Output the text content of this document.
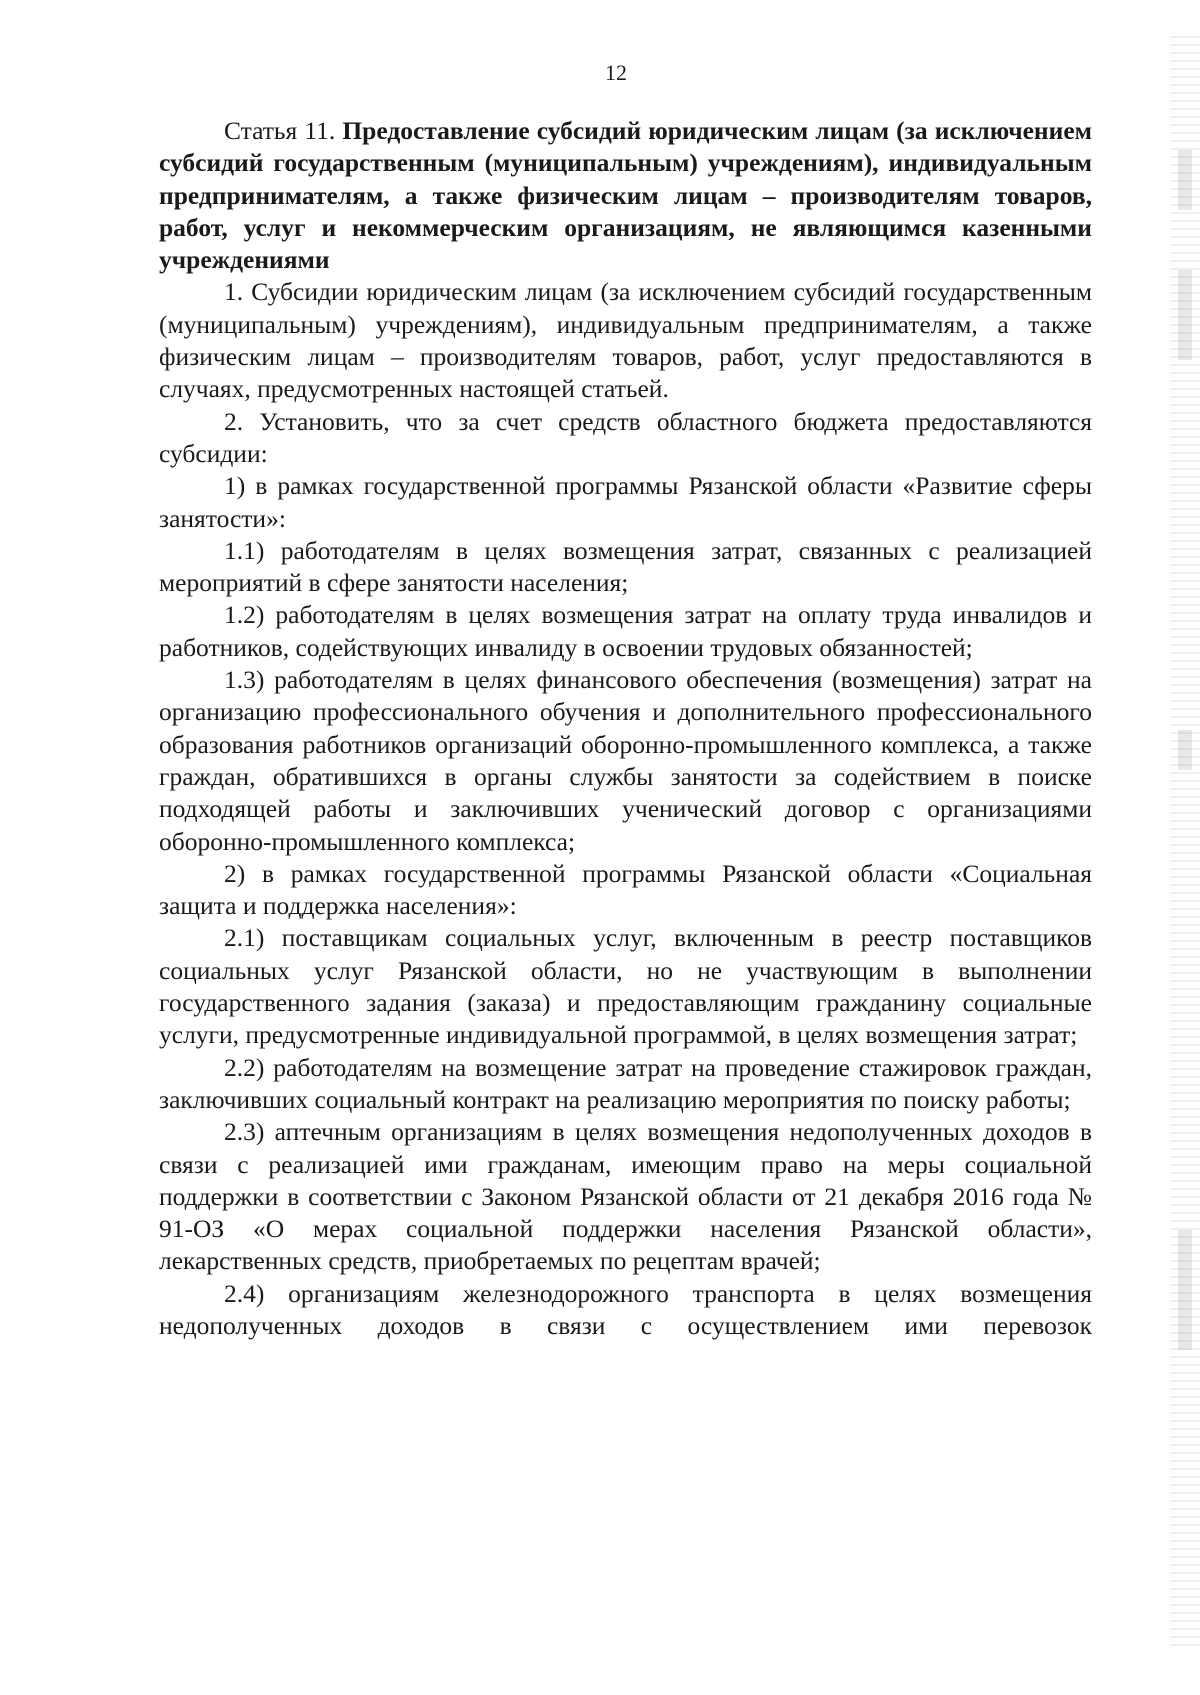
12

Статья 11. Предоставление субсидий юридическим лицам (за исключением субсидий государственным (муниципальным) учреждениям), индивидуальным предпринимателям, а также физическим лицам – производителям товаров, работ, услуг и некоммерческим организациям, не являющимся казенными учреждениями

1. Субсидии юридическим лицам (за исключением субсидий государственным (муниципальным) учреждениям), индивидуальным предпринимателям, а также физическим лицам – производителям товаров, работ, услуг предоставляются в случаях, предусмотренных настоящей статьей.

2. Установить, что за счет средств областного бюджета предоставляются субсидии:

1) в рамках государственной программы Рязанской области «Развитие сферы занятости»:

1.1) работодателям в целях возмещения затрат, связанных с реализацией мероприятий в сфере занятости населения;

1.2) работодателям в целях возмещения затрат на оплату труда инвалидов и работников, содействующих инвалиду в освоении трудовых обязанностей;

1.3) работодателям в целях финансового обеспечения (возмещения) затрат на организацию профессионального обучения и дополнительного профессионального образования работников организаций оборонно-промышленного комплекса, а также граждан, обратившихся в органы службы занятости за содействием в поиске подходящей работы и заключивших ученический договор с организациями оборонно-промышленного комплекса;

2) в рамках государственной программы Рязанской области «Социальная защита и поддержка населения»:

2.1) поставщикам социальных услуг, включенным в реестр поставщиков социальных услуг Рязанской области, но не участвующим в выполнении государственного задания (заказа) и предоставляющим гражданину социальные услуги, предусмотренные индивидуальной программой, в целях возмещения затрат;

2.2) работодателям на возмещение затрат на проведение стажировок граждан, заключивших социальный контракт на реализацию мероприятия по поиску работы;

2.3) аптечным организациям в целях возмещения недополученных доходов в связи с реализацией ими гражданам, имеющим право на меры социальной поддержки в соответствии с Законом Рязанской области от 21 декабря 2016 года № 91-ОЗ «О мерах социальной поддержки населения Рязанской области», лекарственных средств, приобретаемых по рецептам врачей;

2.4) организациям железнодорожного транспорта в целях возмещения недополученных доходов в связи с осуществлением ими перевозок
